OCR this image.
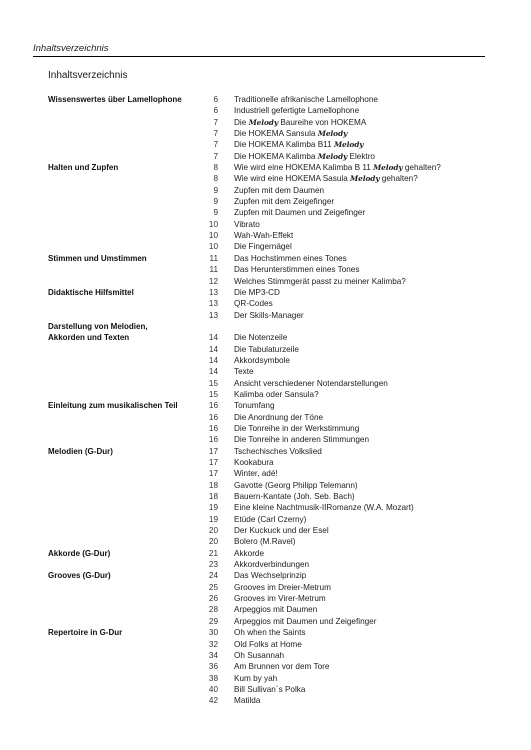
Inhaltsverzeichnis
Inhaltsverzeichnis
Wissenswertes über Lamellophone	6 Traditionelle afrikanische Lamellophone
6 Industriell gefertigte Lamellophone
7 Die Melody Baureihe von HOKEMA
7 Die HOKEMA Sansula Melody
7 Die HOKEMA Kalimba B11 Melody
7 Die HOKEMA Kalimba Melody Elektro
Halten und Zupfen	8 Wie wird eine HOKEMA Kalimba B 11 Melody gehalten?
8 Wie wird eine HOKEMA Sasula Melody gehalten?
9 Zupfen mit dem Daumen
9 Zupfen mit dem Zeigefinger
9 Zupfen mit Daumen und Zeigefinger
10 Vibrato
10 Wah-Wah-Effekt
10 Die Fingernägel
Stimmen und Umstimmen	11 Das Hochstimmen eines Tones
11 Das Herunterstimmen eines Tones
12 Welches Stimmgerät passt zu meiner Kalimba?
Didaktische Hilfsmittel	13 Die MP3-CD
13 QR-Codes
13 Der Skills-Manager
Darstellung von Melodien,
Akkorden und Texten	14 Die Notenzeile
14 Die Tabulaturzeile
14 Akkordsymbole
14 Texte
15 Ansicht verschiedener Notendarstellungen
15 Kalimba oder Sansula?
Einleitung zum musikalischen Teil	16 Tonumfang
16 Die Anordnung der Töne
16 Die Tonreihe in der Werkstimmung
16 Die Tonreihe in anderen Stimmungen
Melodien (G-Dur)	17 Tschechisches Volkslied
17 Kookabura
17 Winter, adé!
18 Gavotte (Georg Philipp Telemann)
18 Bauern-Kantate (Joh. Seb. Bach)
19 Eine kleine Nachtmusik-IIRomanze (W.A. Mozart)
19 Etüde (Carl Czerny)
20 Der Kuckuck und der Esel
20 Bolero (M.Ravel)
Akkorde (G-Dur)	21 Akkorde
23 Akkordverbindungen
Grooves (G-Dur)	24 Das Wechselprinzip
25 Grooves im Dreier-Metrum
26 Grooves im Virer-Metrum
28 Arpeggios mit Daumen
29 Arpeggios mit Daumen und Zeigefinger
Repertoire in G-Dur	30 Oh when the Saints
32 Old Folks at Home
34 Oh Susannah
36 Am Brunnen vor dem Tore
38 Kum by yah
40 Bill Sullivan´s Polka
42 Matilda
